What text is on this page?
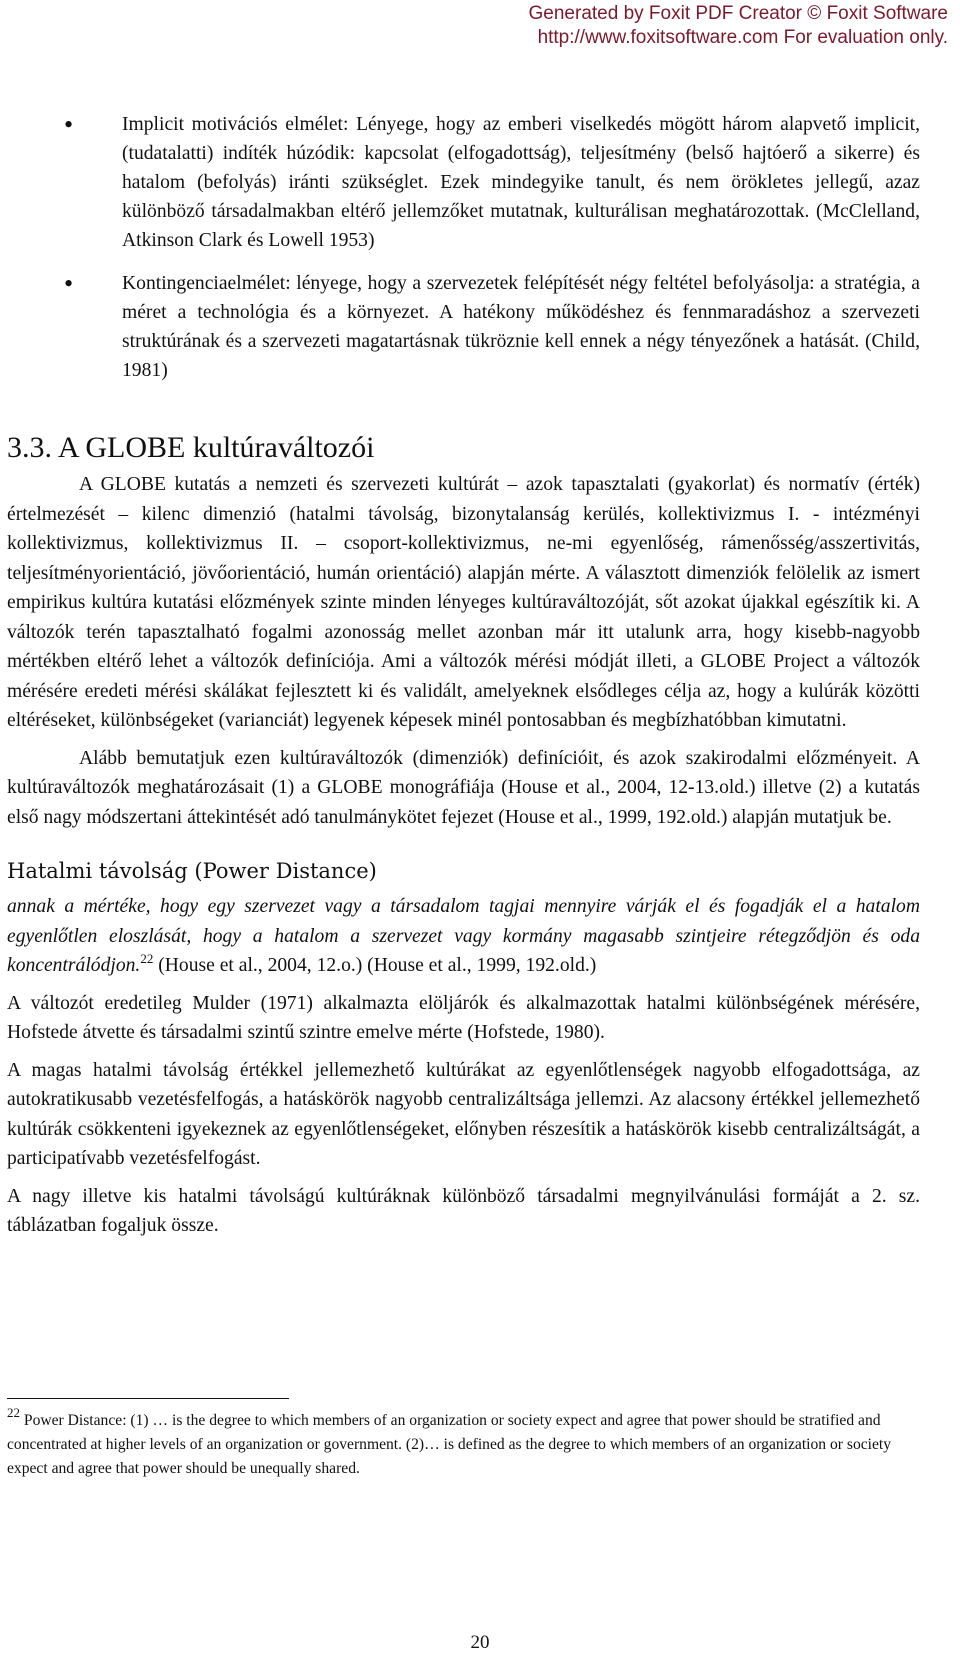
Generated by Foxit PDF Creator © Foxit Software
http://www.foxitsoftware.com For evaluation only.
• Implicit motivációs elmélet: Lényege, hogy az emberi viselkedés mögött három alapvető implicit, (tudatalatti) indíték húzódik: kapcsolat (elfogadottság), teljesítmény (belső hajtóerő a sikerre) és hatalom (befolyás) iránti szükséglet. Ezek mindegyike tanult, és nem örökletes jellegű, azaz különböző társadalmakban eltérő jellemzőket mutatnak, kulturálisan meghatározottak. (McClelland, Atkinson Clark és Lowell 1953)
• Kontingenciaelmélet: lényege, hogy a szervezetek felépítését négy feltétel befolyásolja: a stratégia, a méret a technológia és a környezet. A hatékony működéshez és fennmaradáshoz a szervezeti struktúrának és a szervezeti magatartásnak tükröznie kell ennek a négy tényezőnek a hatását. (Child, 1981)
3.3. A GLOBE kultúraváltozói

A GLOBE kutatás a nemzeti és szervezeti kultúrát – azok tapasztalati (gyakorlat) és normatív (érték) értelmezését – kilenc dimenzió (hatalmi távolság, bizonytalanság kerülés, kollektivizmus I. - intézményi kollektivizmus, kollektivizmus II. – csoport-kollektivizmus, ne-mi egyenlőség, rámenősség/asszertivitás, teljesítményorientáció, jövőorientáció, humán orientáció) alapján mérte. A választott dimenziók felölelik az ismert empirikus kultúra kutatási előzmények szinte minden lényeges kultúraváltozóját, sőt azokat újakkal egészítik ki. A változók terén tapasztalható fogalmi azonosság mellet azonban már itt utalunk arra, hogy kisebb-nagyobb mértékben eltérő lehet a változók definíciója. Ami a változók mérési módját illeti, a GLOBE Project a változók mérésére eredeti mérési skálákat fejlesztett ki és validált, amelyeknek elsődleges célja az, hogy a kulúrák közötti eltéréseket, különbségeket (varianciát) legyenek képesek minél pontosabban és megbízhatóbban kimutatni.

Alább bemutatjuk ezen kultúraváltozók (dimenziók) definícióit, és azok szakirodalmi előzményeit. A kultúraváltozók meghatározásait (1) a GLOBE monográfiája (House et al., 2004, 12-13.old.) illetve (2) a kutatás első nagy módszertani áttekintését adó tanulmánykötet fejezet (House et al., 1999, 192.old.) alapján mutatjuk be.

Hatalmi távolság (Power Distance)

annak a mértéke, hogy egy szervezet vagy a társadalom tagjai mennyire várják el és fogadják el a hatalom egyenlőtlen eloszlását, hogy a hatalom a szervezet vagy kormány magasabb szintjeire rétegződjön és oda koncentrálódjon.$^{22}$ (House et al., 2004, 12.o.) (House et al., 1999, 192.old.)

A változót eredetileg Mulder (1971) alkalmazta elöljárók és alkalmazottak hatalmi különbségének mérésére, Hofstede átvette és társadalmi szintű szintre emelve mérte (Hofstede, 1980).

A magas hatalmi távolság értékkel jellemezhető kultúrákat az egyenlőtlenségek nagyobb elfogadottsága, az autokratikusabb vezetésfelfogás, a hatáskörök nagyobb centralizáltsága jellemzi. Az alacsony értékkel jellemezhető kultúrák csökkenteni igyekeznek az egyenlőtlenségeket, előnyben részesítik a hatáskörök kisebb centralizáltságát, a participatívabb vezetésfelfogást.

A nagy illetve kis hatalmi távolságú kultúráknak különböző társadalmi megnyilvánulási formáját a 2. sz. táblázatban fogaljuk össze.

$^{22}$ Power Distance: (1) … is the degree to which members of an organization or society expect and agree that power should be stratified and concentrated at higher levels of an organization or government. (2)… is defined as the degree to which members of an organization or society expect and agree that power should be unequally shared.
20
